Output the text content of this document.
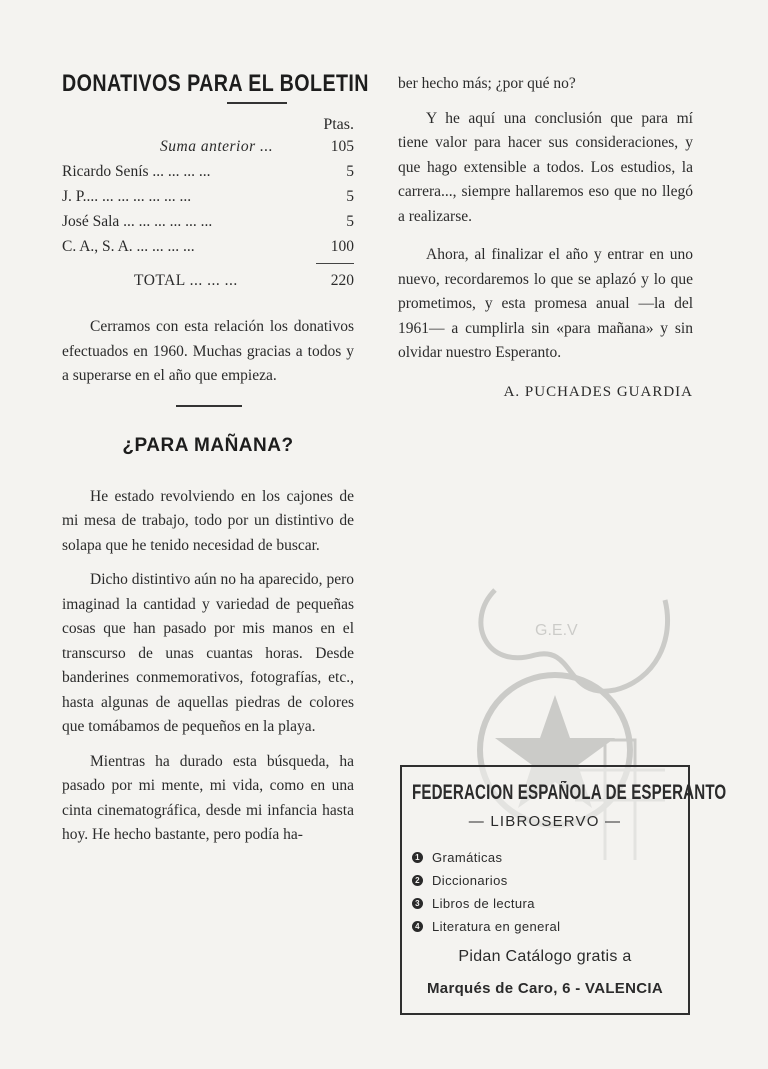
G.E.V
DONATIVOS PARA EL BOLETIN
Ptas.
Suma anterior ...	105
Ricardo Senís ... ... ... ...	5
J. P.... ... ... ... ... ... ...	5
José Sala ... ... ... ... ... ...	5
C. A., S. A. ... ... ... ...	100
TOTAL ... ... ...	220

Cerramos con esta relación los donativos efectuados en 1960. Muchas gracias a todos y a superarse en el año que empieza.

¿PARA MAÑANA?

He estado revolviendo en los cajones de mi mesa de trabajo, todo por un distintivo de solapa que he tenido necesidad de buscar.

Dicho distintivo aún no ha aparecido, pero imaginad la cantidad y variedad de pequeñas cosas que han pasado por mis manos en el transcurso de unas cuantas horas. Desde banderines conmemorativos, fotografías, etc., hasta algunas de aquellas piedras de colores que tomábamos de pequeños en la playa.

Mientras ha durado esta búsqueda, ha pasado por mi mente, mi vida, como en una cinta cinematográfica, desde mi infancia hasta hoy. He hecho bastante, pero podía ha-

ber hecho más; ¿por qué no?

Y he aquí una conclusión que para mí tiene valor para hacer sus consideraciones, y que hago extensible a todos. Los estudios, la carrera..., siempre hallaremos eso que no llegó a realizarse.

Ahora, al finalizar el año y entrar en uno nuevo, recordaremos lo que se aplazó y lo que prometimos, y esta promesa anual —la del 1961— a cumplirla sin «para mañana» y sin olvidar nuestro Esperanto.

A. PUCHADES GUARDIA
FEDERACION ESPAÑOLA DE ESPERANTO
— LIBROSERVO —
1 Gramáticas
2 Diccionarios
3 Libros de lectura
4 Literatura en general
Pidan Catálogo gratis a
Marqués de Caro, 6 - VALENCIA
